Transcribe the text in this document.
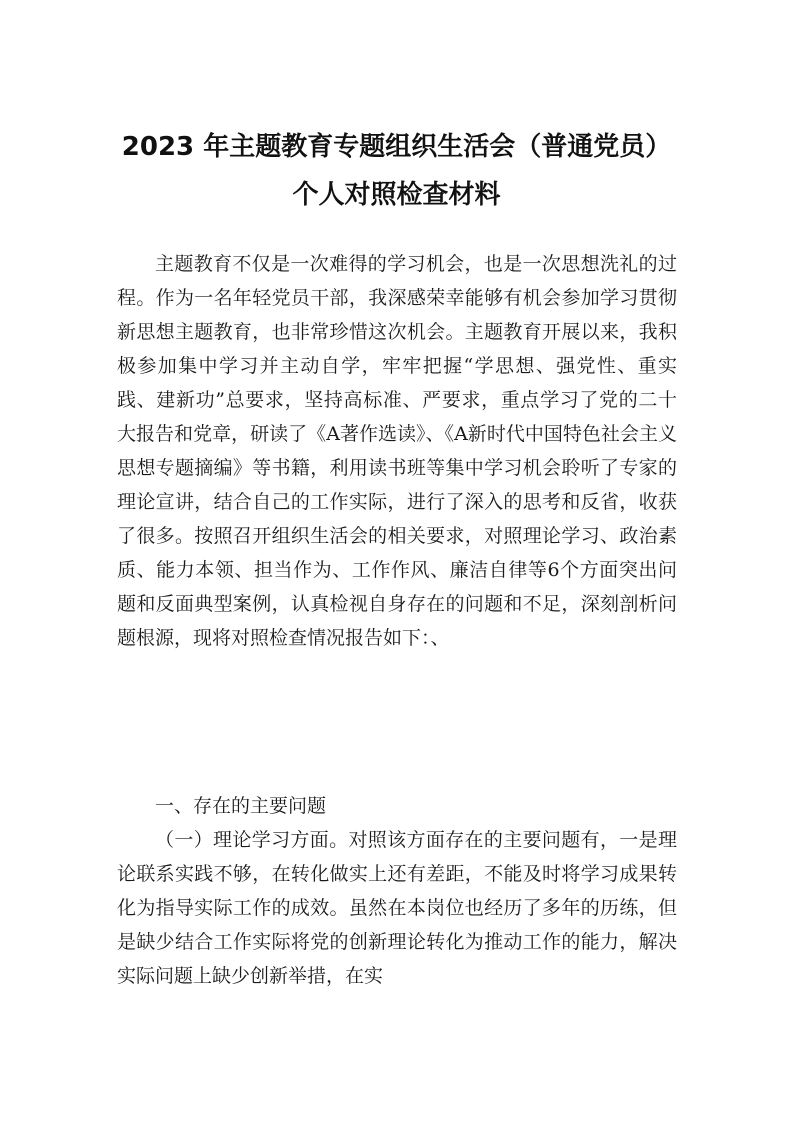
2023 年主题教育专题组织生活会（普通党员）
个人对照检查材料
主题教育不仅是一次难得的学习机会，也是一次思想洗礼的过程。作为一名年轻党员干部，我深感荣幸能够有机会参加学习贯彻新思想主题教育，也非常珍惜这次机会。主题教育开展以来，我积极参加集中学习并主动自学，牢牢把握“学思想、强党性、重实践、建新功”总要求，坚持高标准、严要求，重点学习了党的二十大报告和党章，研读了《A著作选读》、《A新时代中国特色社会主义思想专题摘编》等书籍，利用读书班等集中学习机会聆听了专家的理论宣讲，结合自己的工作实际，进行了深入的思考和反省，收获了很多。按照召开组织生活会的相关要求，对照理论学习、政治素质、能力本领、担当作为、工作作风、廉洁自律等6个方面突出问题和反面典型案例，认真检视自身存在的问题和不足，深刻剖析问题根源，现将对照检查情况报告如下：、
一、存在的主要问题
（一）理论学习方面。对照该方面存在的主要问题有，一是理论联系实践不够，在转化做实上还有差距，不能及时将学习成果转化为指导实际工作的成效。虽然在本岗位也经历了多年的历练，但是缺少结合工作实际将党的创新理论转化为推动工作的能力，解决实际问题上缺少创新举措，在实
